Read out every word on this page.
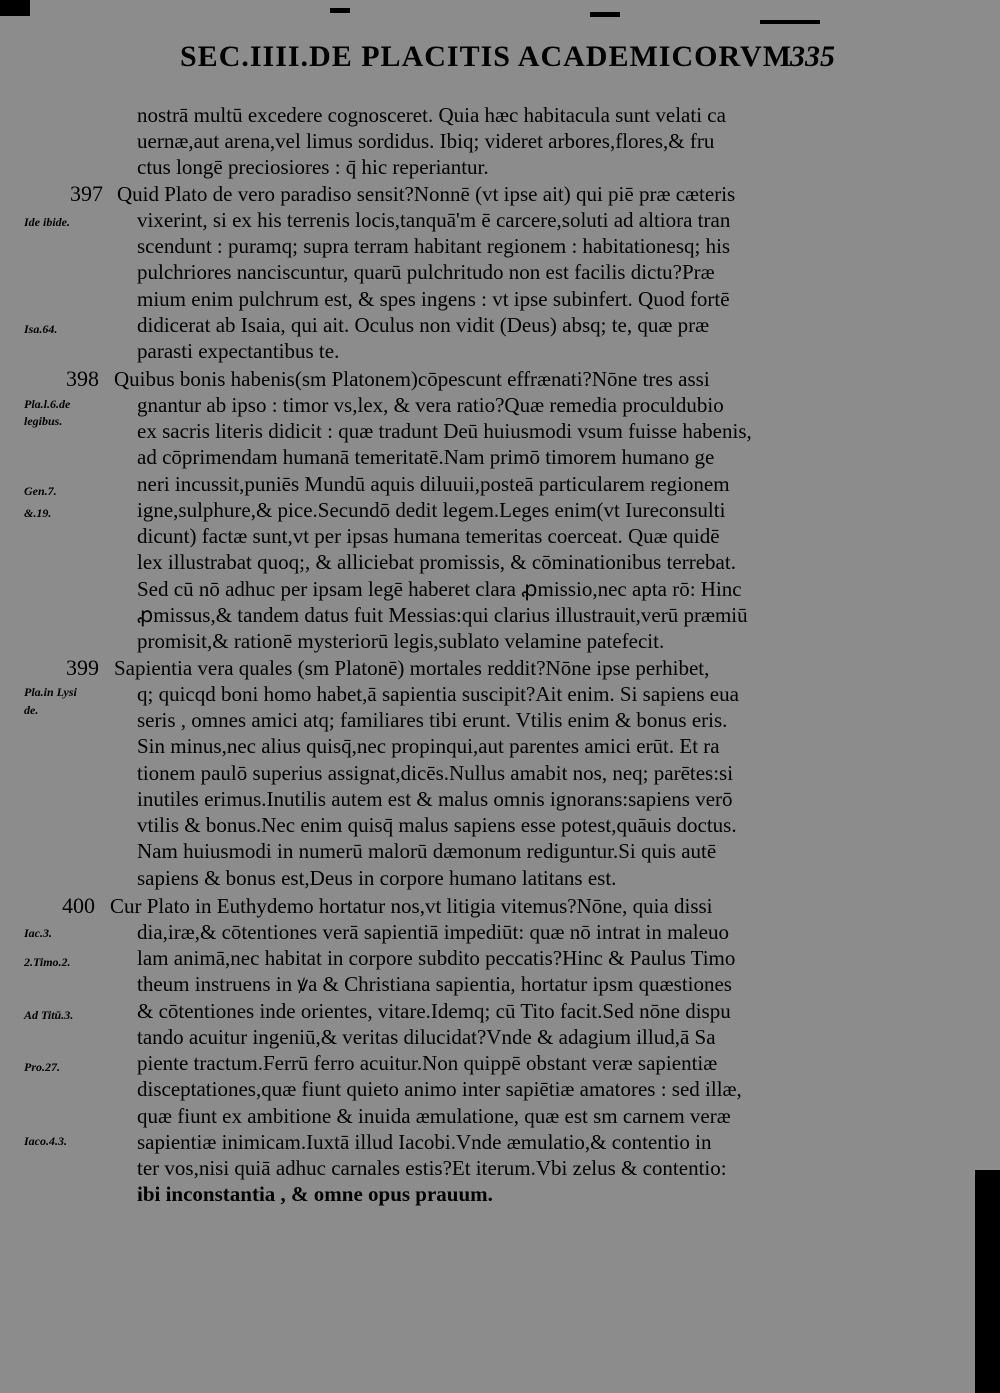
SEC.IIII.DE PLACITIS ACADEMICORVM
335
397
398
399
400
nostrā multū excedere cognosceret. Quia hæc habitacula sunt velati ca
uernæ,aut arena,vel limus sordidus. Ibiq; videret arbores,flores,& fru
ctus longē preciosiores : q̄ hic reperiantur.
Quid Plato de vero paradiso sensit?Nonnē (vt ipse ait) qui piē præ cæteris
vixerint, si ex his terrenis locis,tanquā'm ē carcere,soluti ad altiora tran
scendunt : puramq; supra terram habitant regionem : habitationesq; his
pulchriores nanciscuntur, quarū pulchritudo non est facilis dictu?Præ
mium enim pulchrum est, & spes ingens : vt ipse subinfert. Quod fortē
didicerat ab Isaia, qui ait. Oculus non vidit (Deus) absq; te, quæ præ
parasti expectantibus te.
Quibus bonis habenis(sm Platonem)cōpescunt effrænati?Nōne tres assi
gnantur ab ipso : timor vs,lex, & vera ratio?Quæ remedia proculdubio
ex sacris literis didicit : quæ tradunt Deū huiusmodi vsum fuisse habenis,
ad cōprimendam humanā temeritatē.Nam primō timorem humano ge
neri incussit,puniēs Mundū aquis diluuii,posteā particularem regionem
igne,sulphure,& pice.Secundō dedit legem.Leges enim(vt Iureconsulti
dicunt) factæ sunt,vt per ipsas humana temeritas coerceat. Quæ quidē
lex illustrabat quoq;, & alliciebat promissis, & cōminationibus terrebat.
Sed cū nō adhuc per ipsam legē haberet clara ꝓmissio,nec apta rō: Hinc
ꝓmissus,& tandem datus fuit Messias:qui clarius illustrauit,verū præmiū
promisit,& rationē mysteriorū legis,sublato velamine patefecit.
Sapientia vera quales (sm Platonē) mortales reddit?Nōne ipse perhibet,
q; quicqd boni homo habet,ā sapientia suscipit?Ait enim. Si sapiens eua
seris , omnes amici atq; familiares tibi erunt. Vtilis enim & bonus eris.
Sin minus,nec alius quisq̄,nec propinqui,aut parentes amici erūt. Et ra
tionem paulō superius assignat,dicēs.Nullus amabit nos, neq; parētes:si
inutiles erimus.Inutilis autem est & malus omnis ignorans:sapiens verō
vtilis & bonus.Nec enim quisq̄ malus sapiens esse potest,quāuis doctus.
Nam huiusmodi in numerū malorū dæmonum rediguntur.Si quis autē
sapiens & bonus est,Deus in corpore humano latitans est.
Cur Plato in Euthydemo hortatur nos,vt litigia vitemus?Nōne, quia dissi
dia,iræ,& cōtentiones verā sapientiā impediūt: quæ nō intrat in maleuo
lam animā,nec habitat in corpore subdito peccatis?Hinc & Paulus Timo
theum instruens in ꝟa & Christiana sapientia, hortatur ipsm quæstiones
& cōtentiones inde orientes, vitare.Idemq; cū Tito facit.Sed nōne dispu
tando acuitur ingeniū,& veritas dilucidat?Vnde & adagium illud,ā Sa
piente tractum.Ferrū ferro acuitur.Non quippē obstant veræ sapientiæ
disceptationes,quæ fiunt quieto animo inter sapiētiæ amatores : sed illæ,
quæ fiunt ex ambitione & inuida æmulatione, quæ est sm carnem veræ
sapientiæ inimicam.Iuxtā illud Iacobi.Vnde æmulatio,& contentio in
ter vos,nisi quiā adhuc carnales estis?Et iterum.Vbi zelus & contentio:
ibi inconstantia , & omne opus prauum.
Ide ibide.
Isa.64.
Pla.l.6.de
legibus.
Gen.7.
&.19.
Pla.in Lysi
de.
Iac.3.
2.Timo.2.
Ad Titū.3.
Pro.27.
Iaco.4.3.
